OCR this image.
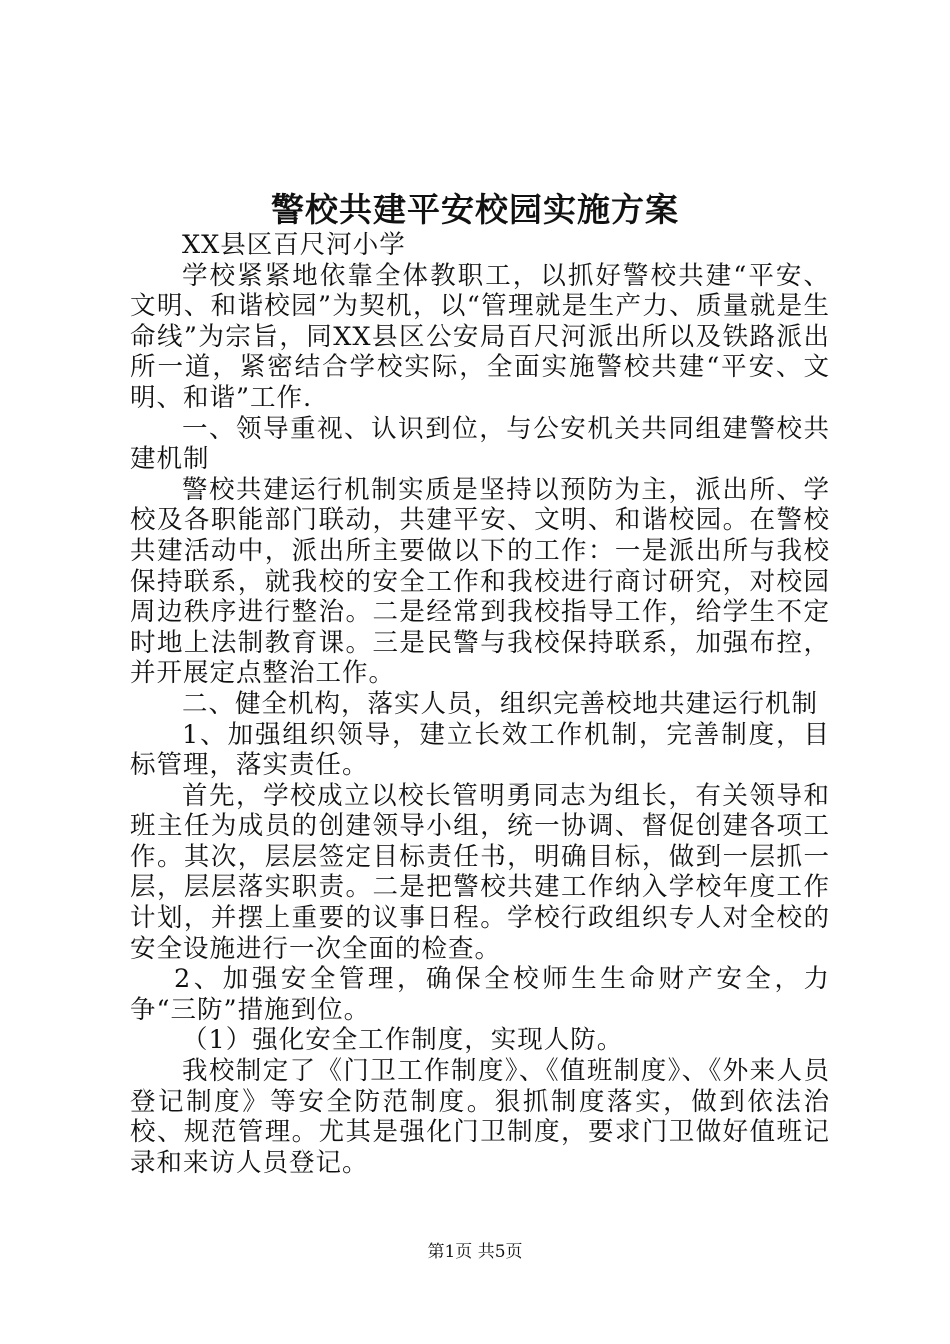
警校共建平安校园实施方案

XX县区百尺河小学

学校紧紧地依靠全体教职工，以抓好警校共建“平安、文明、和谐校园”为契机，以“管理就是生产力、质量就是生命线”为宗旨，同XX县区公安局百尺河派出所以及铁路派出所一道，紧密结合学校实际，全面实施警校共建“平安、文明、和谐”工作.

一、领导重视、认识到位，与公安机关共同组建警校共建机制

警校共建运行机制实质是坚持以预防为主，派出所、学校及各职能部门联动，共建平安、文明、和谐校园。在警校共建活动中，派出所主要做以下的工作：一是派出所与我校保持联系，就我校的安全工作和我校进行商讨研究，对校园周边秩序进行整治。二是经常到我校指导工作，给学生不定时地上法制教育课。三是民警与我校保持联系，加强布控，并开展定点整治工作。

二、健全机构，落实人员，组织完善校地共建运行机制

1、加强组织领导，建立长效工作机制，完善制度，目标管理，落实责任。

首先，学校成立以校长管明勇同志为组长，有关领导和班主任为成员的创建领导小组，统一协调、督促创建各项工作。其次，层层签定目标责任书，明确目标，做到一层抓一层，层层落实职责。二是把警校共建工作纳入学校年度工作计划，并摆上重要的议事日程。学校行政组织专人对全校的安全设施进行一次全面的检查。

2、加强安全管理，确保全校师生生命财产安全，力争“三防”措施到位。

（1）强化安全工作制度，实现人防。

我校制定了《门卫工作制度》、《值班制度》、《外来人员登记制度》等安全防范制度。狠抓制度落实，做到依法治校、规范管理。尤其是强化门卫制度，要求门卫做好值班记录和来访人员登记。

第1页 共5页
